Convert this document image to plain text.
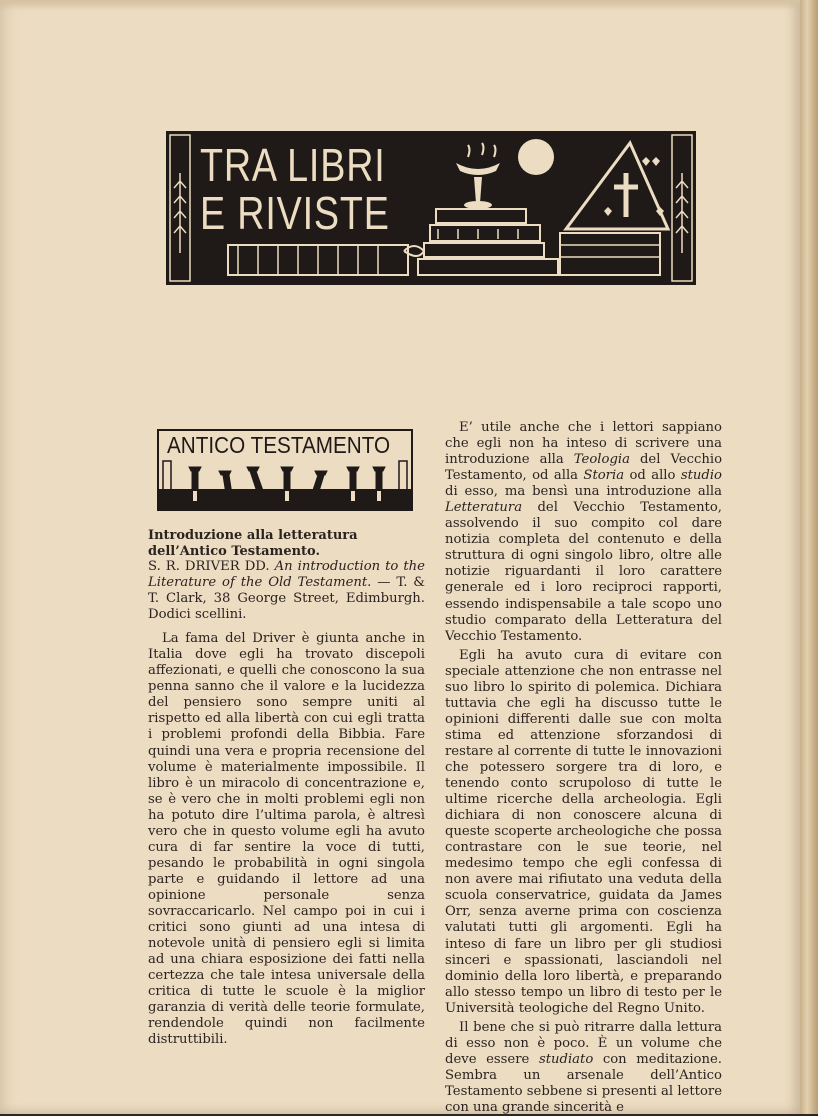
TRA LIBRI
E RIVISTE
ANTICO TESTAMENTO

Introduzione alla letteratura
dell’Antico Testamento.

S. R. DRIVER DD. An introduction to the Literature of the Old Testament. — T. & T. Clark, 38 George Street, Edimburgh. Dodici scellini.

La fama del Driver è giunta anche in Italia dove egli ha trovato discepoli affezionati, e quelli che conoscono la sua penna sanno che il valore e la lucidezza del pensiero sono sempre uniti al rispetto ed alla libertà con cui egli tratta i problemi profondi della Bibbia. Fare quindi una vera e propria recensione del volume è materialmente impossibile. Il libro è un miracolo di concentrazione e, se è vero che in molti problemi egli non ha potuto dire l’ultima parola, è altresì vero che in questo volume egli ha avuto cura di far sentire la voce di tutti, pesando le probabilità in ogni singola parte e guidando il lettore ad una opinione personale senza sovraccaricarlo. Nel campo poi in cui i critici sono giunti ad una intesa di notevole unità di pensiero egli si limita ad una chiara esposizione dei fatti nella certezza che tale intesa universale della critica di tutte le scuole è la miglior garanzia di verità delle teorie formulate, rendendole quindi non facilmente distruttibili.

E’ utile anche che i lettori sappiano che egli non ha inteso di scrivere una introduzione alla Teologia del Vecchio Testamento, od alla Storia od allo studio di esso, ma bensì una introduzione alla Letteratura del Vecchio Testamento, assolvendo il suo compito col dare notizia completa del contenuto e della struttura di ogni singolo libro, oltre alle notizie riguardanti il loro carattere generale ed i loro reciproci rapporti, essendo indispensabile a tale scopo uno studio comparato della Letteratura del Vecchio Testamento.

Egli ha avuto cura di evitare con speciale attenzione che non entrasse nel suo libro lo spirito di polemica. Dichiara tuttavia che egli ha discusso tutte le opinioni differenti dalle sue con molta stima ed attenzione sforzandosi di restare al corrente di tutte le innovazioni che potessero sorgere tra di loro, e tenendo conto scrupoloso di tutte le ultime ricerche della archeologia. Egli dichiara di non conoscere alcuna di queste scoperte archeologiche che possa contrastare con le sue teorie, nel medesimo tempo che egli confessa di non avere mai rifiutato una veduta della scuola conservatrice, guidata da James Orr, senza averne prima con coscienza valutati tutti gli argomenti. Egli ha inteso di fare un libro per gli studiosi sinceri e spassionati, lasciandoli nel dominio della loro libertà, e preparando allo stesso tempo un libro di testo per le Università teologiche del Regno Unito.

Il bene che si può ritrarre dalla lettura di esso non è poco. È un volume che deve essere studiato con meditazione. Sembra un arsenale dell’Antico Testamento sebbene si presenti al lettore con una grande sincerità e
